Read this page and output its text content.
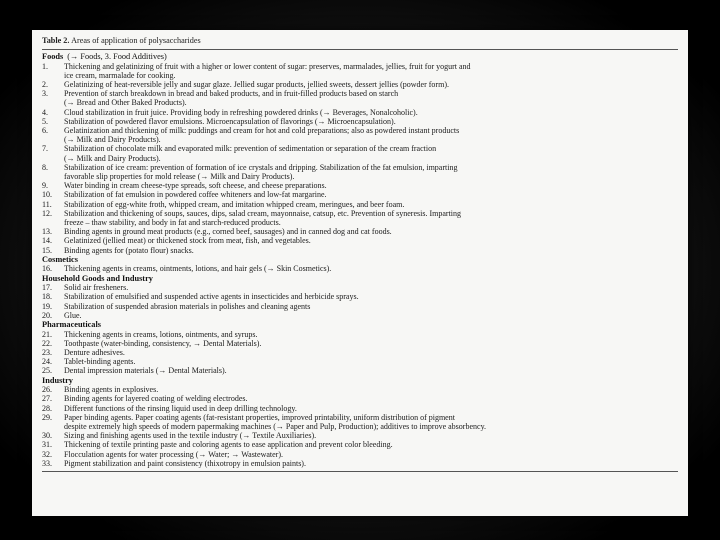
Table 2. Areas of application of polysaccharides
Foods (→ Foods, 3. Food Additives)
1.	Thickening and gelatinizing of fruit with a higher or lower content of sugar: preserves, marmalades, jellies, fruit for yogurt and
ice cream, marmalade for cooking.
2.	Gelatinizing of heat-reversible jelly and sugar glaze. Jellied sugar products, jellied sweets, dessert jellies (powder form).
3.	Prevention of starch breakdown in bread and baked products, and in fruit-filled products based on starch
(→ Bread and Other Baked Products).
4.	Cloud stabilization in fruit juice. Providing body in refreshing powdered drinks (→ Beverages, Nonalcoholic).
5.	Stabilization of powdered flavor emulsions. Microencapsulation of flavorings (→ Microencapsulation).
6.	Gelatinization and thickening of milk: puddings and cream for hot and cold preparations; also as powdered instant products
(→ Milk and Dairy Products).
7.	Stabilization of chocolate milk and evaporated milk: prevention of sedimentation or separation of the cream fraction
(→ Milk and Dairy Products).
8.	Stabilization of ice cream: prevention of formation of ice crystals and dripping. Stabilization of the fat emulsion, imparting
favorable slip properties for mold release (→ Milk and Dairy Products).
9.	Water binding in cream cheese-type spreads, soft cheese, and cheese preparations.
10.	Stabilization of fat emulsion in powdered coffee whiteners and low-fat margarine.
11.	Stabilization of egg-white froth, whipped cream, and imitation whipped cream, meringues, and beer foam.
12.	Stabilization and thickening of soups, sauces, dips, salad cream, mayonnaise, catsup, etc. Prevention of syneresis. Imparting
freeze – thaw stability, and body in fat and starch-reduced products.
13.	Binding agents in ground meat products (e.g., corned beef, sausages) and in canned dog and cat foods.
14.	Gelatinized (jellied meat) or thickened stock from meat, fish, and vegetables.
15.	Binding agents for (potato flour) snacks.
Cosmetics
16.	Thickening agents in creams, ointments, lotions, and hair gels (→ Skin Cosmetics).
Household Goods and Industry
17.	Solid air fresheners.
18.	Stabilization of emulsified and suspended active agents in insecticides and herbicide sprays.
19.	Stabilization of suspended abrasion materials in polishes and cleaning agents
20.	Glue.
Pharmaceuticals
21.	Thickening agents in creams, lotions, ointments, and syrups.
22.	Toothpaste (water-binding, consistency, → Dental Materials).
23.	Denture adhesives.
24.	Tablet-binding agents.
25.	Dental impression materials (→ Dental Materials).
Industry
26.	Binding agents in explosives.
27.	Binding agents for layered coating of welding electrodes.
28.	Different functions of the rinsing liquid used in deep drilling technology.
29.	Paper binding agents. Paper coating agents (fat-resistant properties, improved printability, uniform distribution of pigment
despite extremely high speeds of modern papermaking machines (→ Paper and Pulp, Production); additives to improve absorbency.
30.	Sizing and finishing agents used in the textile industry (→ Textile Auxiliaries).
31.	Thickening of textile printing paste and coloring agents to ease application and prevent color bleeding.
32.	Flocculation agents for water processing (→ Water; → Wastewater).
33.	Pigment stabilization and paint consistency (thixotropy in emulsion paints).
